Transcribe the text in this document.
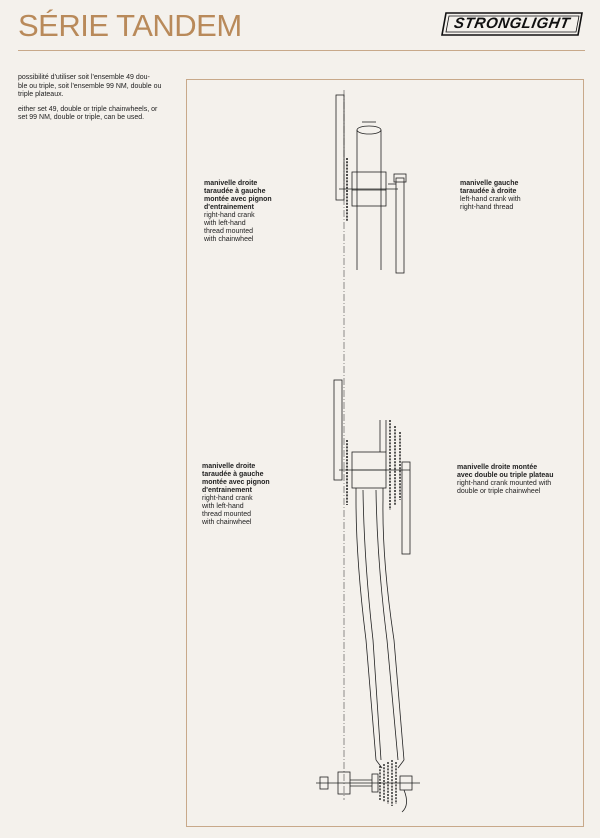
SÉRIE TANDEM	STRONGLIGHT

possibilité d'utiliser soit l'ensemble 49 dou-
ble ou triple, soit l'ensemble 99 NM, double ou
triple plateaux.

either set 49, double or triple chainwheels, or
set 99 NM, double or triple, can be used.

manivelle droite
taraudée à gauche
montée avec pignon
d'entrainement
right-hand crank
with left-hand
thread mounted
with chainwheel
manivelle gauche
taraudée à droite
left-hand crank with
right-hand thread
manivelle droite
taraudée à gauche
montée avec pignon
d'entrainement
right-hand crank
with left-hand
thread mounted
with chainwheel
manivelle droite montée
avec double ou triple plateau
right-hand crank mounted with
double or triple chainwheel
